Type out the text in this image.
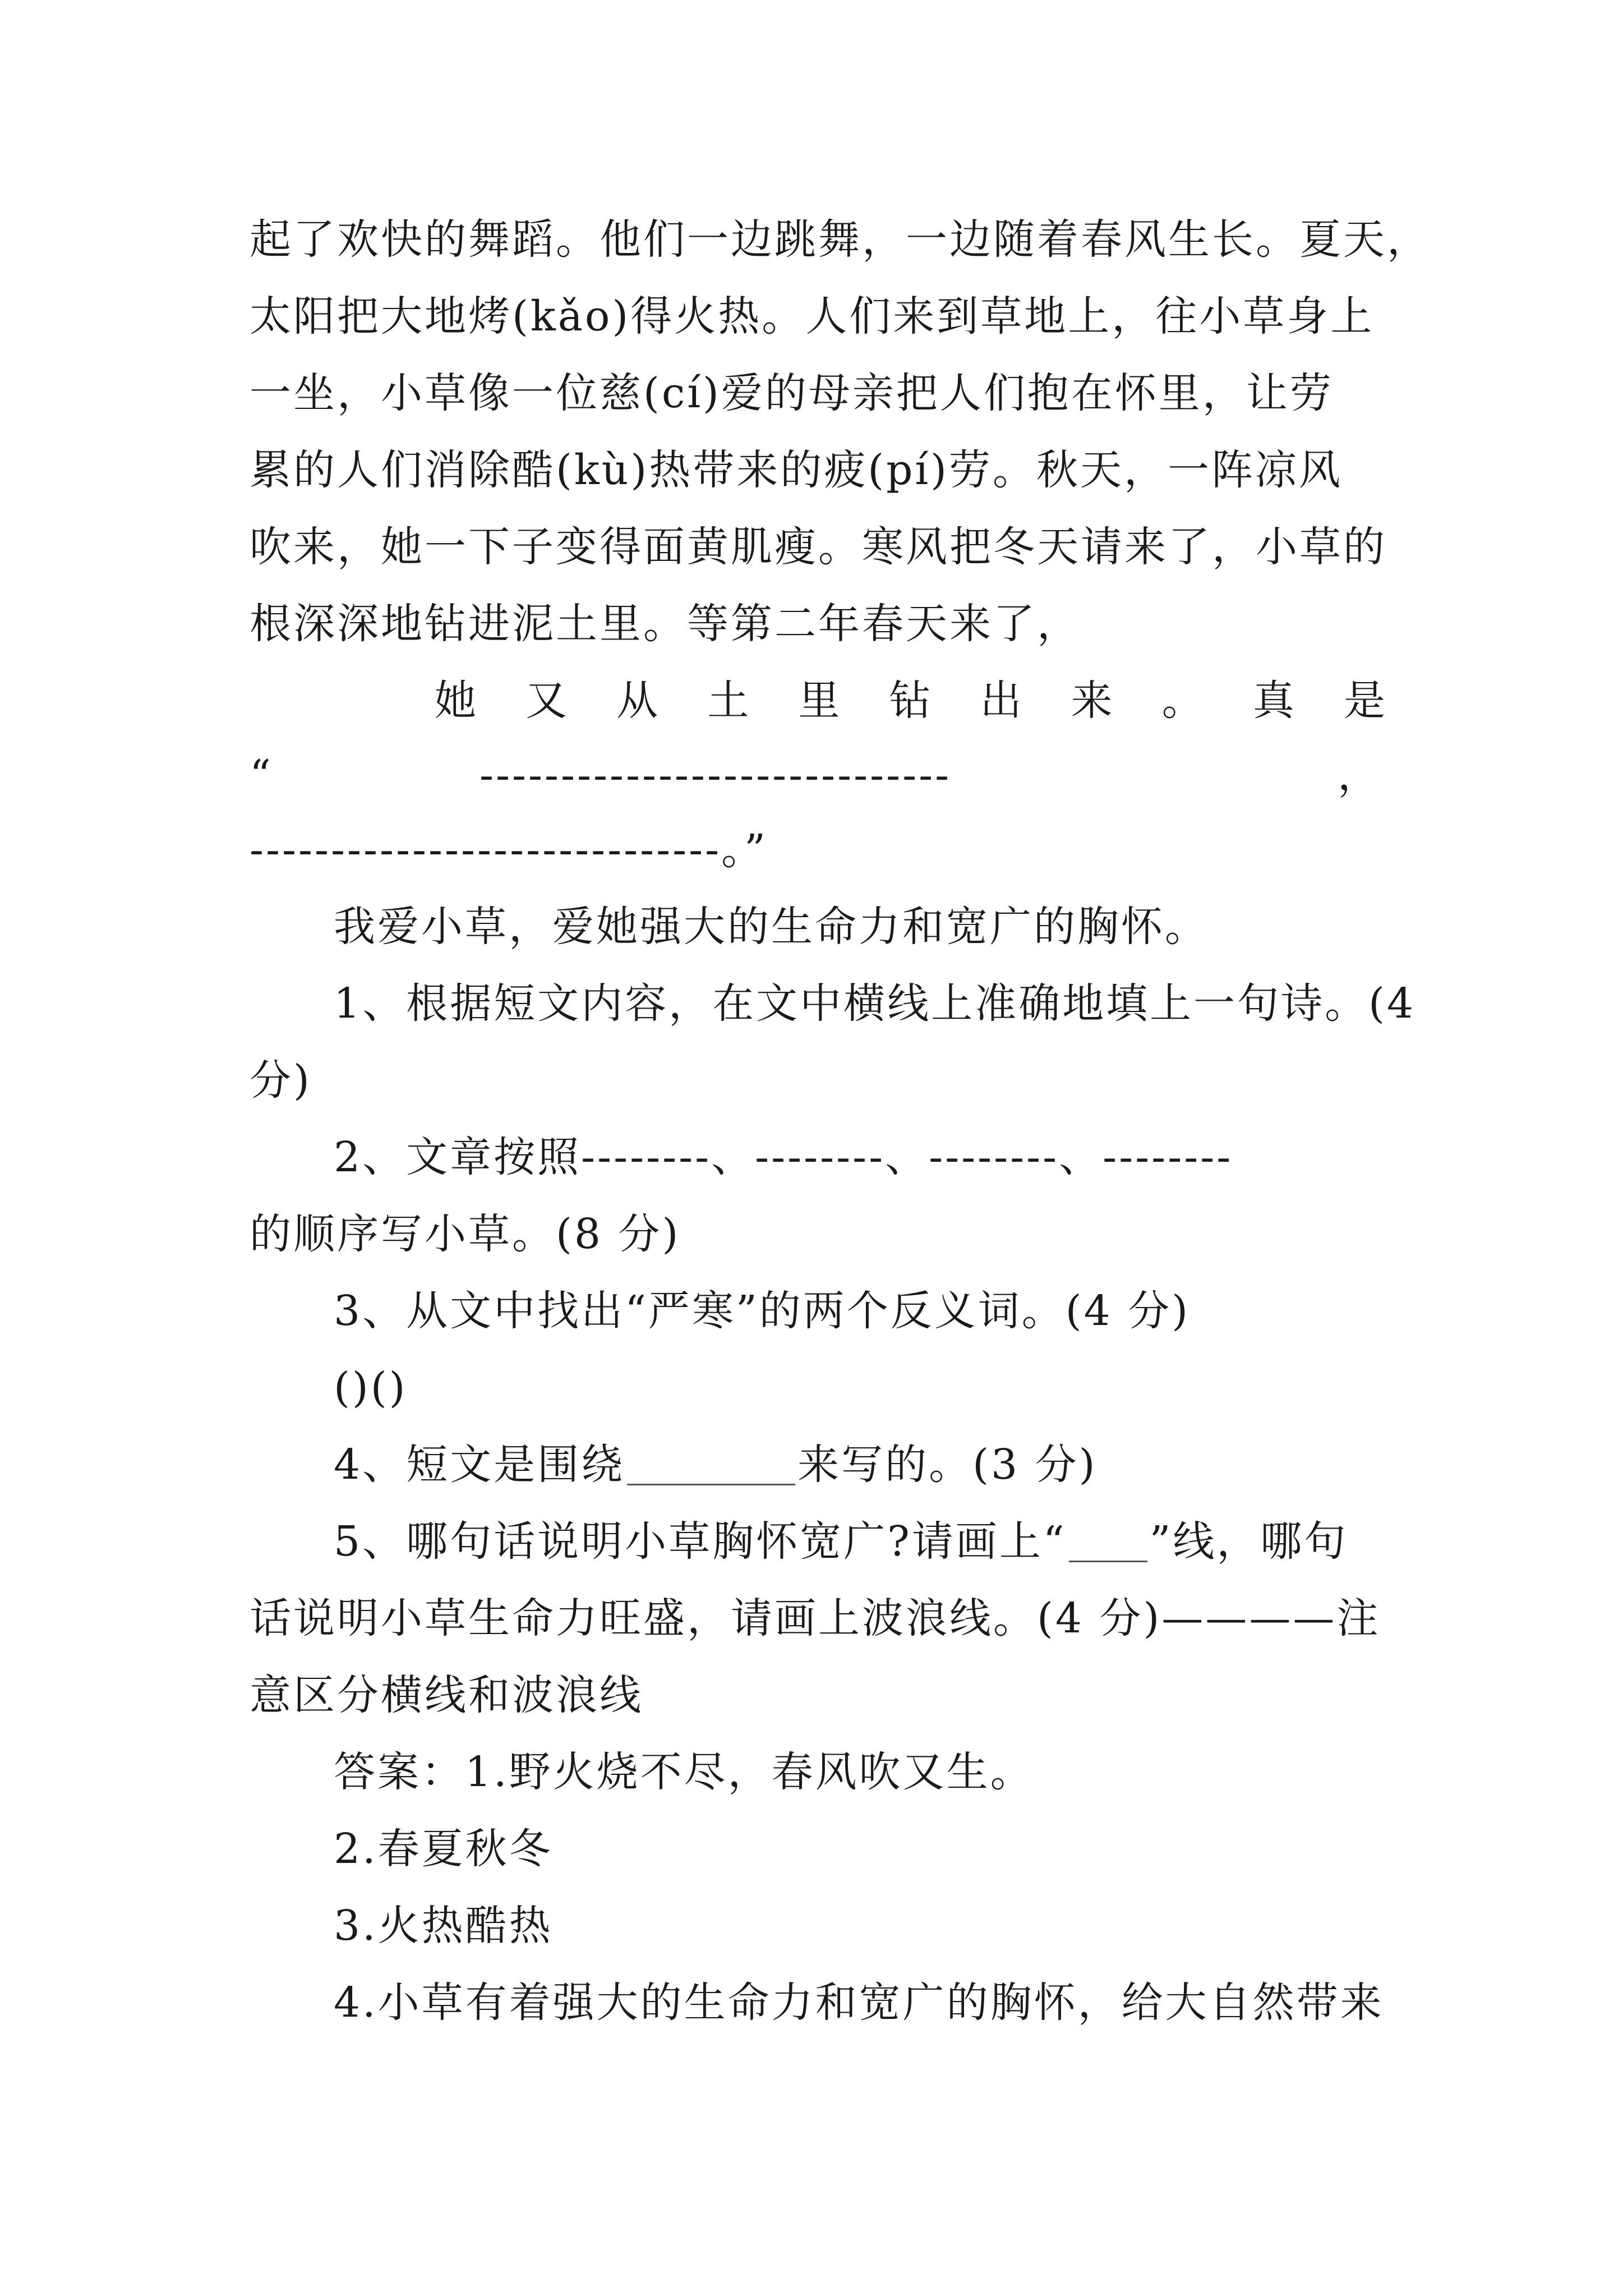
起了欢快的舞蹈。他们一边跳舞，一边随着春风生长。夏天，
太阳把大地烤(kǎo)得火热。人们来到草地上，往小草身上
一坐，小草像一位慈(cí)爱的母亲把人们抱在怀里，让劳
累的人们消除酷(kù)热带来的疲(pí)劳。秋天，一阵凉风
吹来，她一下子变得面黄肌瘦。寒风把冬天请来了，小草的
根深深地钻进泥土里。等第二年春天来了，
她 又 从 土 里 钻 出 来 。 真 是
“	-----------------------------	，
-----------------------------。”
我爱小草，爱她强大的生命力和宽广的胸怀。
1、根据短文内容，在文中横线上准确地填上一句诗。(4
分)
2、文章按照--------、--------、--------、--------
的顺序写小草。(8 分)
3、从文中找出“严寒”的两个反义词。(4 分)
()()
4、短文是围绕	来写的。(3 分)
5、哪句话说明小草胸怀宽广?请画上“ ”线，哪句
话说明小草生命力旺盛，请画上波浪线。(4 分)————注
意区分横线和波浪线
答案：1.野火烧不尽，春风吹又生。
2.春夏秋冬
3.火热酷热
4.小草有着强大的生命力和宽广的胸怀，给大自然带来
